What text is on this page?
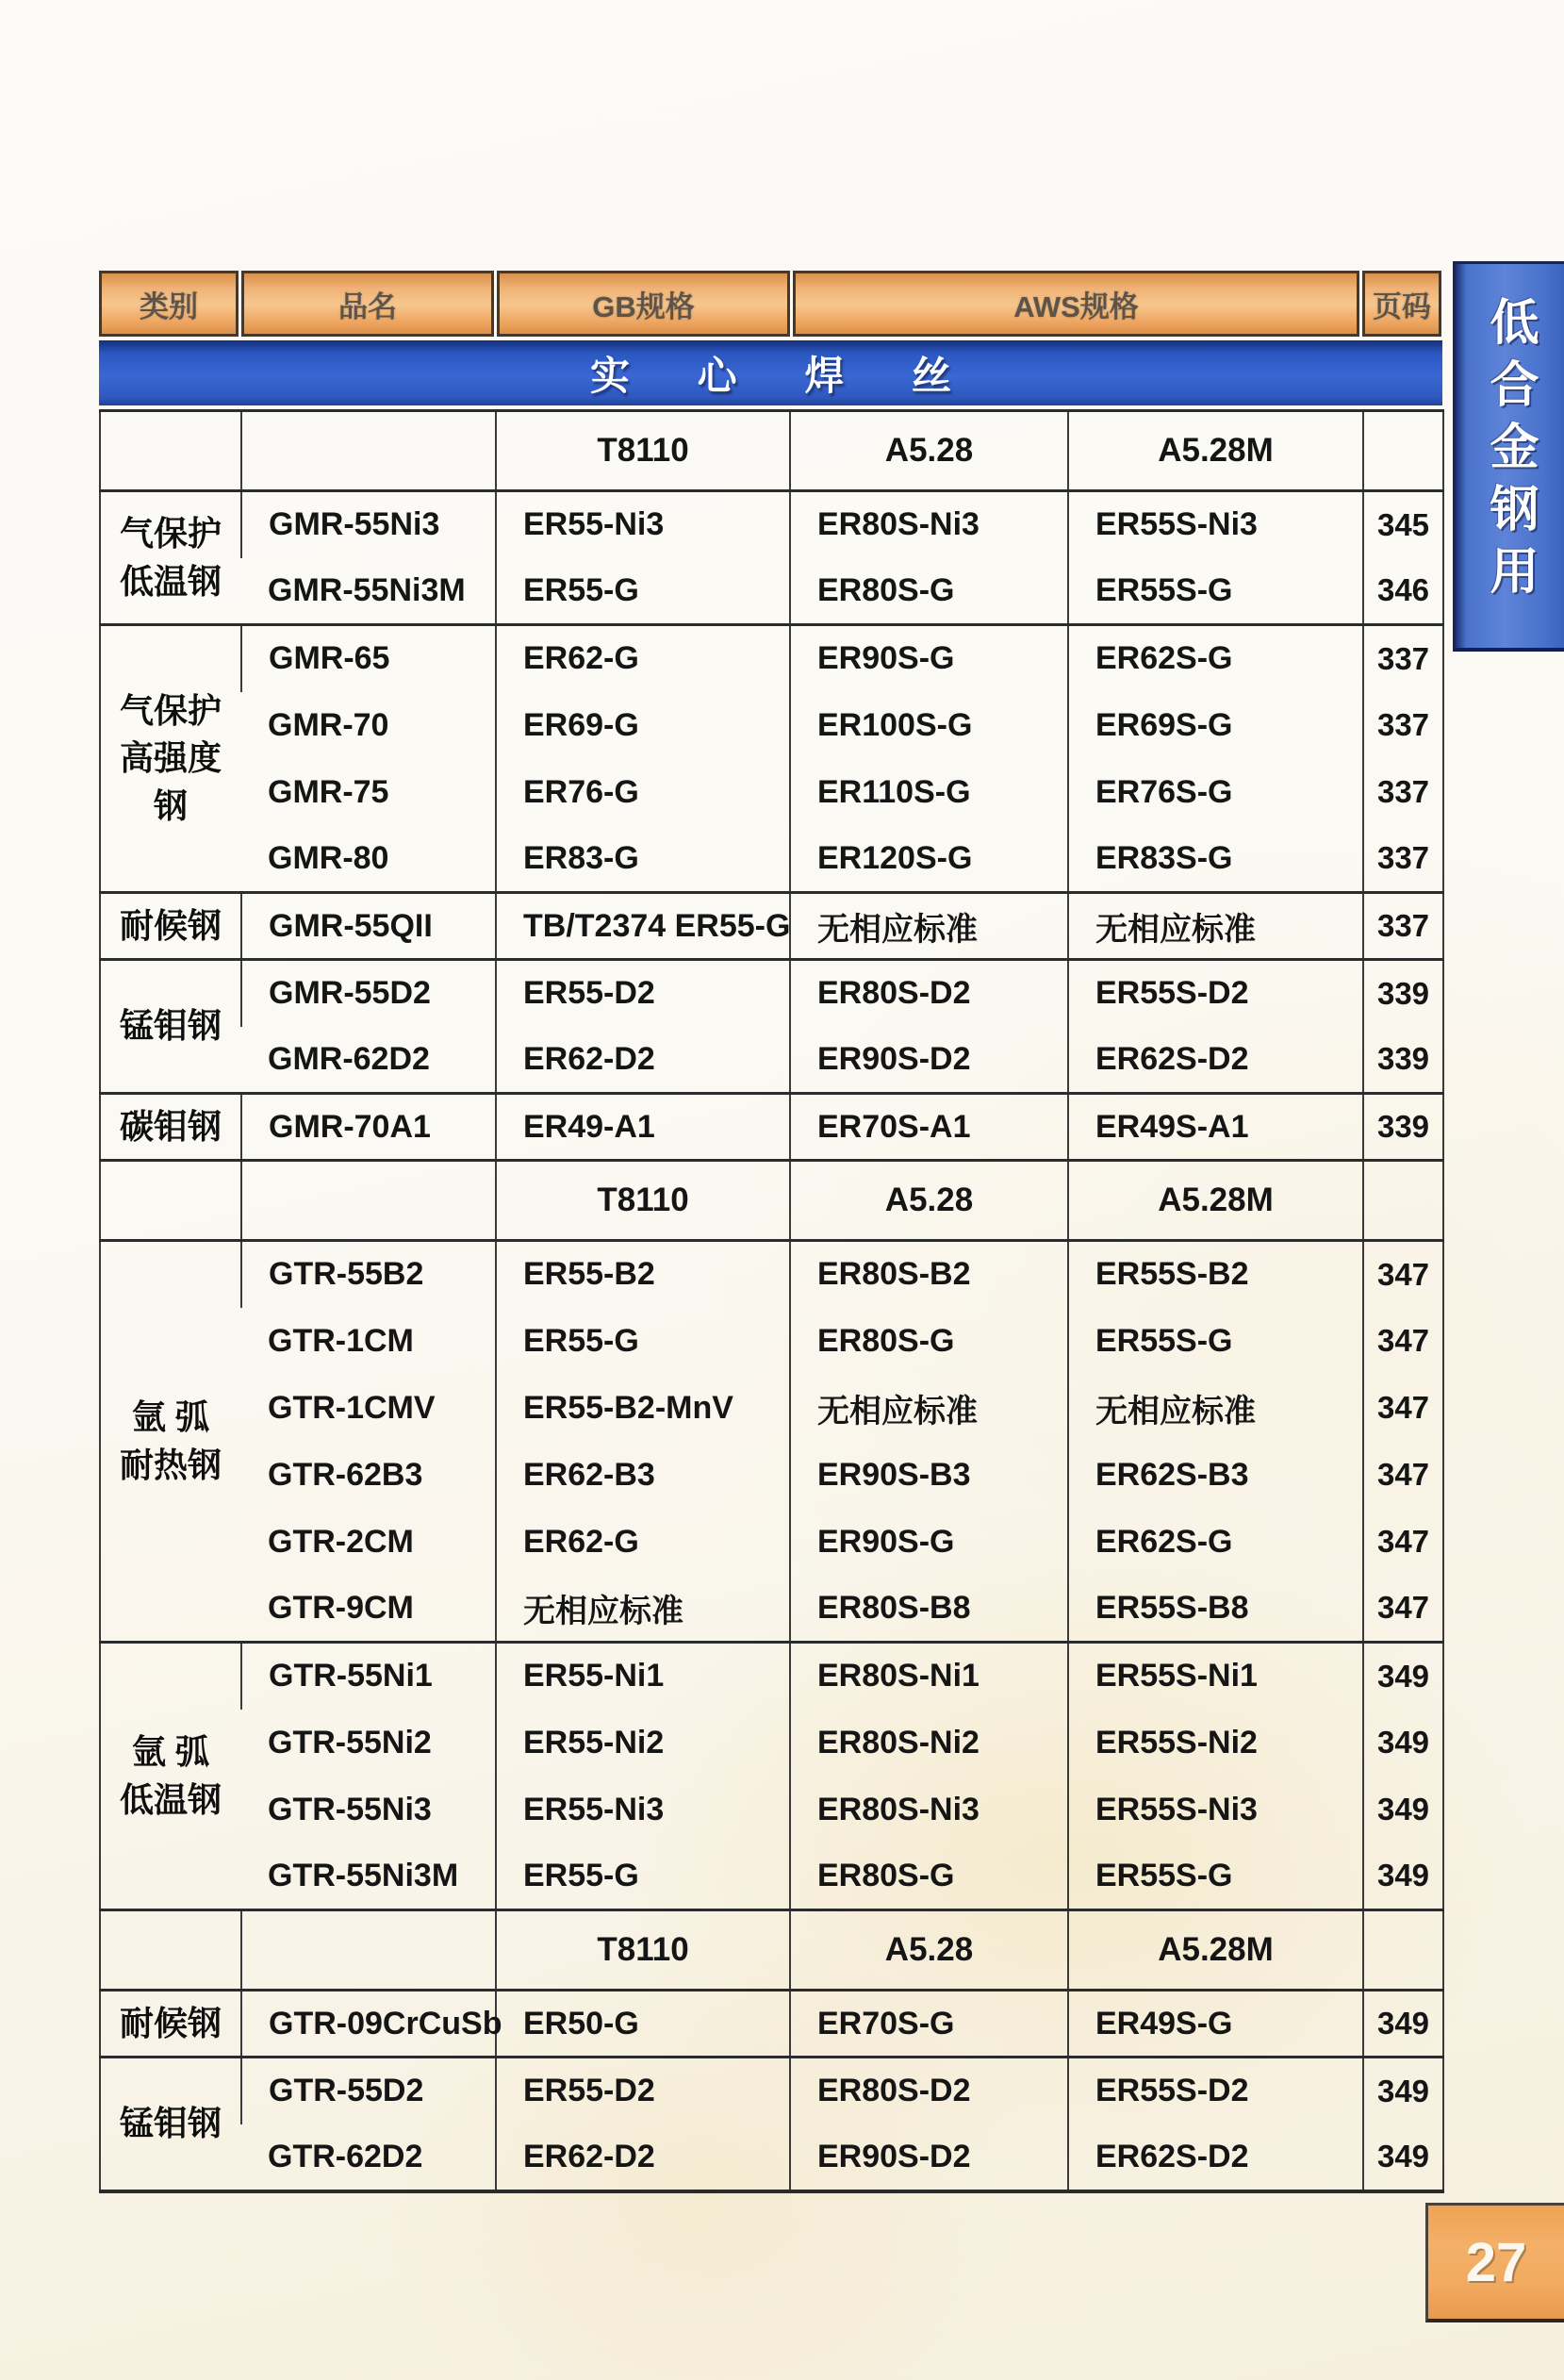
类别	品名	GB规格	AWS规格	页码
实 心 焊 丝
		T8110	A5.28	A5.28M	

气保护
低温钢	GMR-55Ni3	ER55-Ni3	ER80S-Ni3	ER55S-Ni3	345
	GMR-55Ni3M	ER55-G	ER80S-G	ER55S-G	346

气保护
高强度
钢	GMR-65	ER62-G	ER90S-G	ER62S-G	337
	GMR-70	ER69-G	ER100S-G	ER69S-G	337
	GMR-75	ER76-G	ER110S-G	ER76S-G	337
	GMR-80	ER83-G	ER120S-G	ER83S-G	337

耐候钢	GMR-55QII	TB/T2374 ER55-G	无相应标准	无相应标准	337

锰钼钢	GMR-55D2	ER55-D2	ER80S-D2	ER55S-D2	339
	GMR-62D2	ER62-D2	ER90S-D2	ER62S-D2	339

碳钼钢	GMR-70A1	ER49-A1	ER70S-A1	ER49S-A1	339
		T8110	A5.28	A5.28M	

氩 弧
耐热钢	GTR-55B2	ER55-B2	ER80S-B2	ER55S-B2	347
	GTR-1CM	ER55-G	ER80S-G	ER55S-G	347
	GTR-1CMV	ER55-B2-MnV	无相应标准	无相应标准	347
	GTR-62B3	ER62-B3	ER90S-B3	ER62S-B3	347
	GTR-2CM	ER62-G	ER90S-G	ER62S-G	347
	GTR-9CM	无相应标准	ER80S-B8	ER55S-B8	347

氩 弧
低温钢	GTR-55Ni1	ER55-Ni1	ER80S-Ni1	ER55S-Ni1	349
	GTR-55Ni2	ER55-Ni2	ER80S-Ni2	ER55S-Ni2	349
	GTR-55Ni3	ER55-Ni3	ER80S-Ni3	ER55S-Ni3	349
	GTR-55Ni3M	ER55-G	ER80S-G	ER55S-G	349
		T8110	A5.28	A5.28M	

耐候钢	GTR-09CrCuSb	ER50-G	ER70S-G	ER49S-G	349

锰钼钢	GTR-55D2	ER55-D2	ER80S-D2	ER55S-D2	349
	GTR-62D2	ER62-D2	ER90S-D2	ER62S-D2	349
低合金钢用
27
